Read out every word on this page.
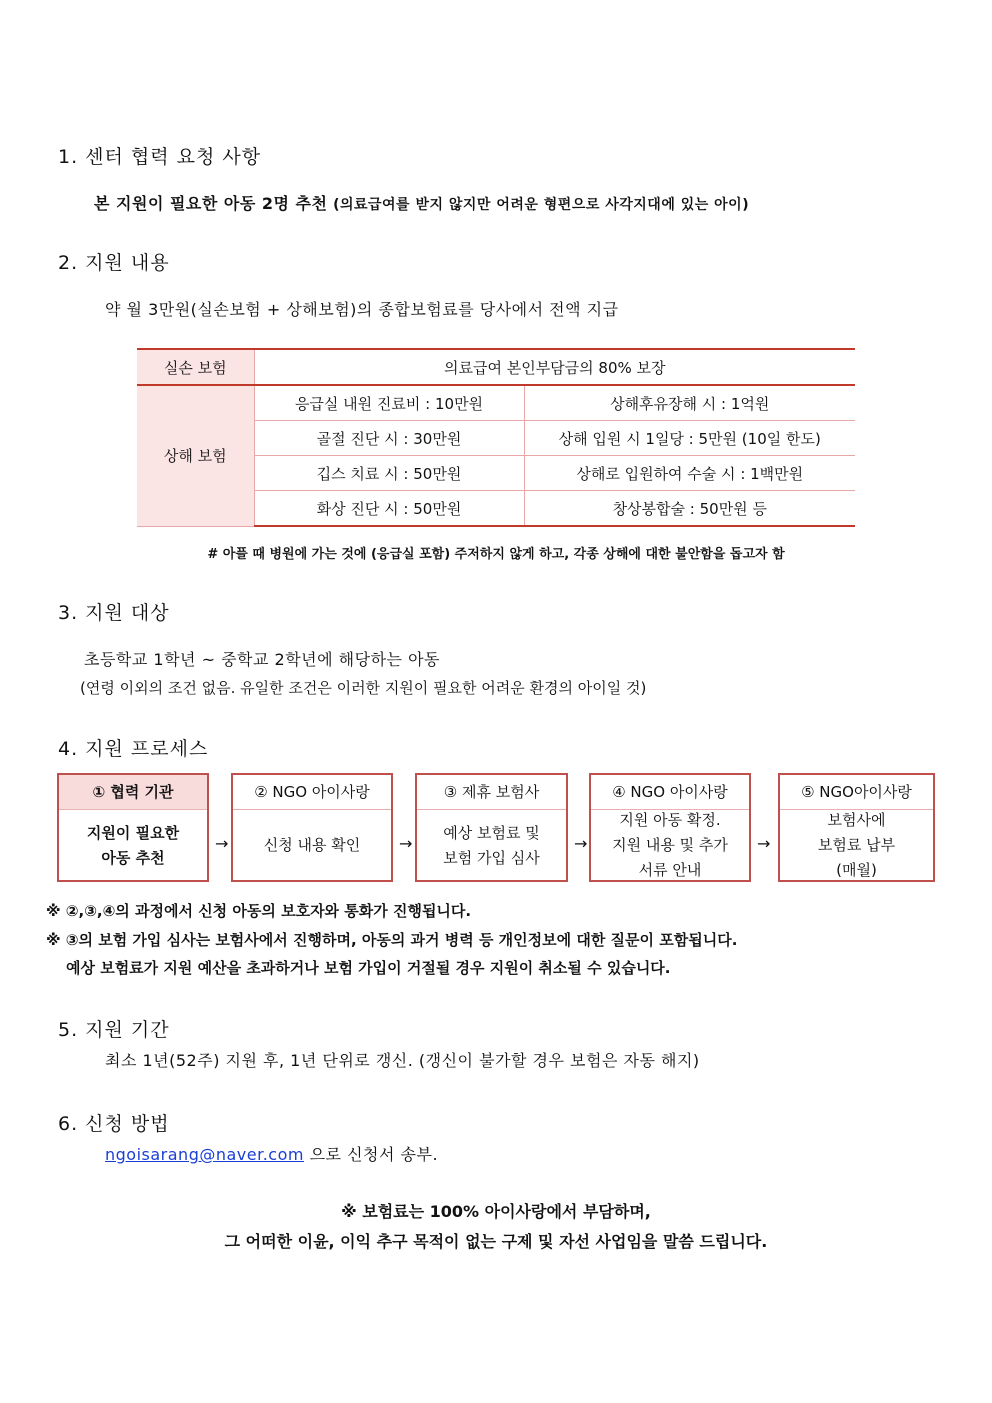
1. 센터 협력 요청 사항
본 지원이 필요한 아동 2명 추천 (의료급여를 받지 않지만 어려운 형편으로 사각지대에 있는 아이)
2. 지원 내용
약 월 3만원(실손보험 + 상해보험)의 종합보험료를 당사에서 전액 지급
실손 보험	의료급여 본인부담금의 80% 보장	
상해 보험	응급실 내원 진료비 : 10만원	상해후유장해 시 : 1억원
	골절 진단 시 : 30만원	상해 입원 시 1일당 : 5만원 (10일 한도)
	깁스 치료 시 : 50만원	상해로 입원하여 수술 시 : 1백만원
	화상 진단 시 : 50만원	창상봉합술 : 50만원 등
# 아플 때 병원에 가는 것에 (응급실 포함) 주저하지 않게 하고, 각종 상해에 대한 불안함을 돕고자 함
3. 지원 대상
초등학교 1학년 ~ 중학교 2학년에 해당하는 아동
(연령 이외의 조건 없음. 유일한 조건은 이러한 지원이 필요한 어려운 환경의 아이일 것)
4. 지원 프로세스
① 협력 기관
지원이 필요한
아동 추천
→
② NGO 아이사랑
신청 내용 확인 →
③ 제휴 보험사
예상 보험료 및
보험 가입 심사
→
④ NGO 아이사랑
지원 아동 확정.
지원 내용 및 추가
서류 안내
→
⑤ NGO아이사랑
보험사에
보험료 납부
(매월)
※ ②,③,④의 과정에서 신청 아동의 보호자와 통화가 진행됩니다.
※ ③의 보험 가입 심사는 보험사에서 진행하며, 아동의 과거 병력 등 개인정보에 대한 질문이 포함됩니다.
예상 보험료가 지원 예산을 초과하거나 보험 가입이 거절될 경우 지원이 취소될 수 있습니다.
5. 지원 기간
최소 1년(52주) 지원 후, 1년 단위로 갱신. (갱신이 불가할 경우 보험은 자동 해지)
6. 신청 방법
ngoisarang@naver.com 으로 신청서 송부.
※ 보험료는 100% 아이사랑에서 부담하며,
그 어떠한 이윤, 이익 추구 목적이 없는 구제 및 자선 사업임을 말씀 드립니다.
